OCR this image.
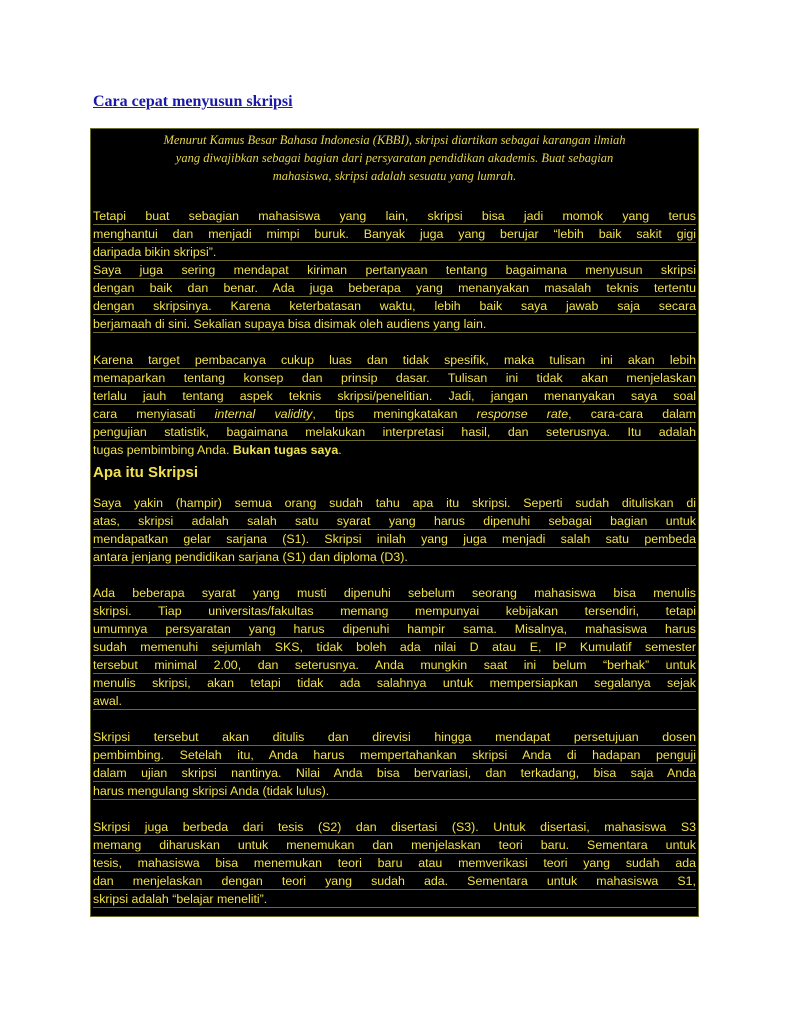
Cara cepat menyusun skripsi
Menurut Kamus Besar Bahasa Indonesia (KBBI), skripsi diartikan sebagai karangan ilmiah
yang diwajibkan sebagai bagian dari persyaratan pendidikan akademis. Buat sebagian
mahasiswa, skripsi adalah sesuatu yang lumrah.
Tetapi buat sebagian mahasiswa yang lain, skripsi bisa jadi momok yang terus
menghantui dan menjadi mimpi buruk. Banyak juga yang berujar “lebih baik sakit gigi
daripada bikin skripsi”.
Saya juga sering mendapat kiriman pertanyaan tentang bagaimana menyusun skripsi
dengan baik dan benar. Ada juga beberapa yang menanyakan masalah teknis tertentu
dengan skripsinya. Karena keterbatasan waktu, lebih baik saya jawab saja secara
berjamaah di sini. Sekalian supaya bisa disimak oleh audiens yang lain.
Karena target pembacanya cukup luas dan tidak spesifik, maka tulisan ini akan lebih
memaparkan tentang konsep dan prinsip dasar. Tulisan ini tidak akan menjelaskan
terlalu jauh tentang aspek teknis skripsi/penelitian. Jadi, jangan menanyakan saya soal
cara menyiasati internal validity, tips meningkatakan response rate, cara-cara dalam
pengujian statistik, bagaimana melakukan interpretasi hasil, dan seterusnya. Itu adalah
tugas pembimbing Anda. Bukan tugas saya.
Apa itu Skripsi
Saya yakin (hampir) semua orang sudah tahu apa itu skripsi. Seperti sudah dituliskan di
atas, skripsi adalah salah satu syarat yang harus dipenuhi sebagai bagian untuk
mendapatkan gelar sarjana (S1). Skripsi inilah yang juga menjadi salah satu pembeda
antara jenjang pendidikan sarjana (S1) dan diploma (D3).
Ada beberapa syarat yang musti dipenuhi sebelum seorang mahasiswa bisa menulis
skripsi. Tiap universitas/fakultas memang mempunyai kebijakan tersendiri, tetapi
umumnya persyaratan yang harus dipenuhi hampir sama. Misalnya, mahasiswa harus
sudah memenuhi sejumlah SKS, tidak boleh ada nilai D atau E, IP Kumulatif semester
tersebut minimal 2.00, dan seterusnya. Anda mungkin saat ini belum “berhak” untuk
menulis skripsi, akan tetapi tidak ada salahnya untuk mempersiapkan segalanya sejak
awal.
Skripsi tersebut akan ditulis dan direvisi hingga mendapat persetujuan dosen
pembimbing. Setelah itu, Anda harus mempertahankan skripsi Anda di hadapan penguji
dalam ujian skripsi nantinya. Nilai Anda bisa bervariasi, dan terkadang, bisa saja Anda
harus mengulang skripsi Anda (tidak lulus).
Skripsi juga berbeda dari tesis (S2) dan disertasi (S3). Untuk disertasi, mahasiswa S3
memang diharuskan untuk menemukan dan menjelaskan teori baru. Sementara untuk
tesis, mahasiswa bisa menemukan teori baru atau memverikasi teori yang sudah ada
dan menjelaskan dengan teori yang sudah ada. Sementara untuk mahasiswa S1,
skripsi adalah “belajar meneliti”.
